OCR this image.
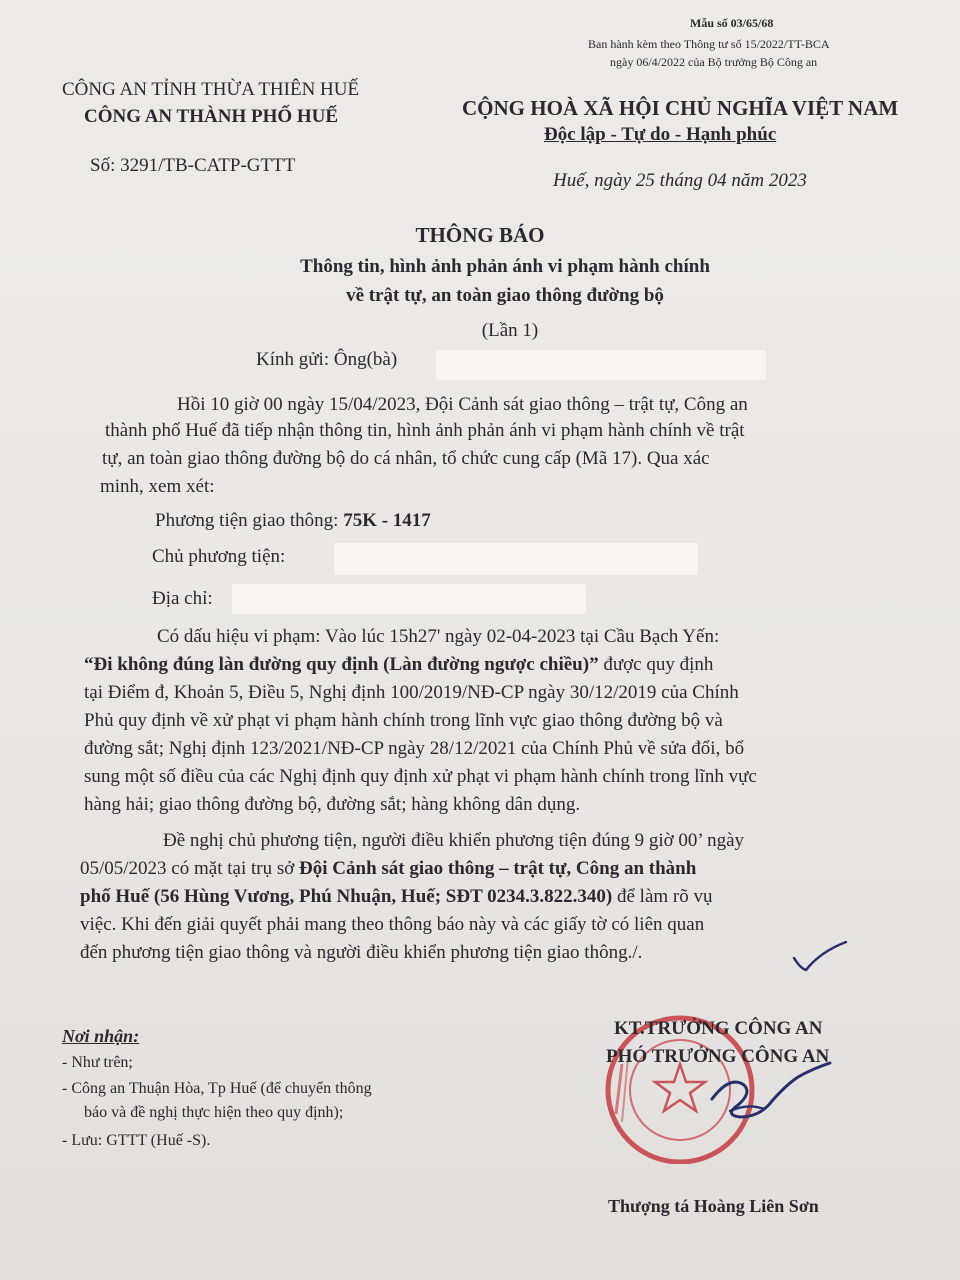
Mẫu số 03/65/68
Ban hành kèm theo Thông tư số 15/2022/TT-BCA
ngày 06/4/2022 của Bộ trưởng Bộ Công an
CÔNG AN TỈNH THỪA THIÊN HUẾ
CÔNG AN THÀNH PHỐ HUẾ
Số: 3291/TB-CATP-GTTT
CỘNG HOÀ XÃ HỘI CHỦ NGHĨA VIỆT NAM
Độc lập - Tự do - Hạnh phúc
Huế, ngày 25 tháng 04 năm 2023
THÔNG BÁO
Thông tin, hình ảnh phản ánh vi phạm hành chính
về trật tự, an toàn giao thông đường bộ
(Lần 1)
Kính gửi: Ông(bà)
Hồi 10 giờ 00 ngày 15/04/2023, Đội Cảnh sát giao thông – trật tự, Công an
thành phố Huế đã tiếp nhận thông tin, hình ảnh phản ánh vi phạm hành chính về trật
tự, an toàn giao thông đường bộ do cá nhân, tổ chức cung cấp (Mã 17). Qua xác
minh, xem xét:
Phương tiện giao thông: 75K - 1417
Chủ phương tiện:
Địa chỉ:
Có dấu hiệu vi phạm: Vào lúc 15h27' ngày 02-04-2023 tại Cầu Bạch Yến:
“Đi không đúng làn đường quy định (Làn đường ngược chiều)” được quy định
tại Điểm đ, Khoản 5, Điều 5, Nghị định 100/2019/NĐ-CP ngày 30/12/2019 của Chính
Phủ quy định về xử phạt vi phạm hành chính trong lĩnh vực giao thông đường bộ và
đường sắt; Nghị định 123/2021/NĐ-CP ngày 28/12/2021 của Chính Phủ về sửa đổi, bổ
sung một số điều của các Nghị định quy định xử phạt vi phạm hành chính trong lĩnh vực
hàng hải; giao thông đường bộ, đường sắt; hàng không dân dụng.
Đề nghị chủ phương tiện, người điều khiển phương tiện đúng 9 giờ 00’ ngày
05/05/2023 có mặt tại trụ sở Đội Cảnh sát giao thông – trật tự, Công an thành
phố Huế (56 Hùng Vương, Phú Nhuận, Huế; SĐT 0234.3.822.340) để làm rõ vụ
việc. Khi đến giải quyết phải mang theo thông báo này và các giấy tờ có liên quan
đến phương tiện giao thông và người điều khiển phương tiện giao thông./.
Nơi nhận:
- Như trên;
- Công an Thuận Hòa, Tp Huế (để chuyển thông
báo và đề nghị thực hiện theo quy định);
- Lưu: GTTT (Huế -S).
KT.TRƯỞNG CÔNG AN
PHÓ TRƯỞNG CÔNG AN
Thượng tá Hoàng Liên Sơn
